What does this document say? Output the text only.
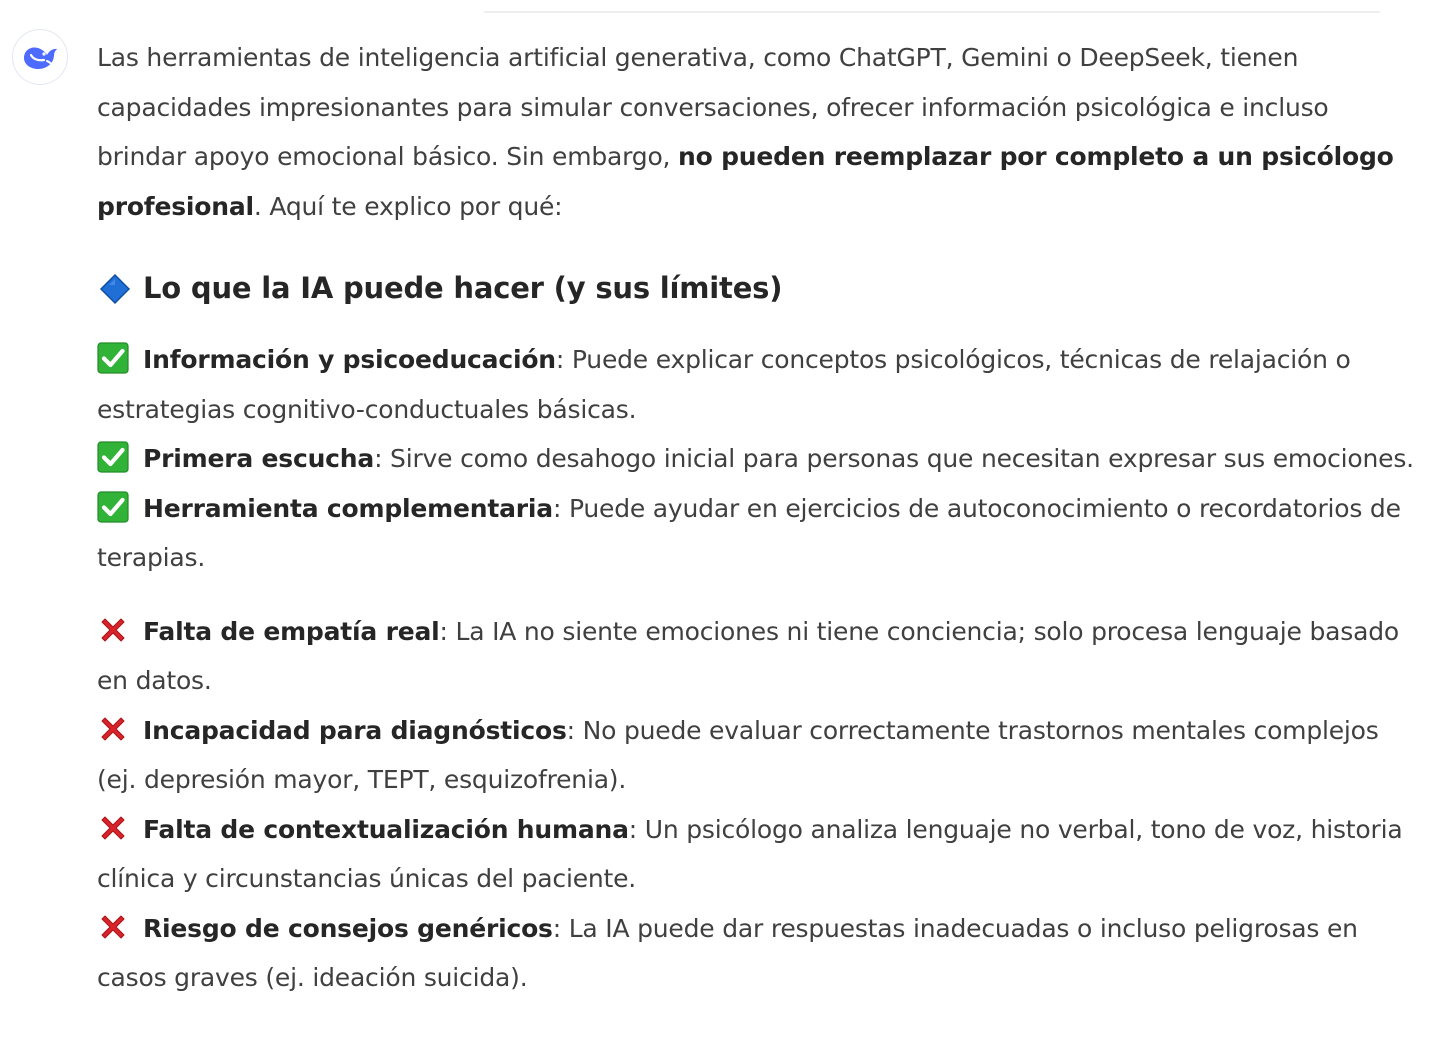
Las herramientas de inteligencia artificial generativa, como ChatGPT, Gemini o DeepSeek, tienen capacidades impresionantes para simular conversaciones, ofrecer información psicológica e incluso brindar apoyo emocional básico. Sin embargo, no pueden reemplazar por completo a un psicólogo profesional. Aquí te explico por qué:

Lo que la IA puede hacer (y sus límites)

Información y psicoeducación: Puede explicar conceptos psicológicos, técnicas de relajación o estrategias cognitivo-conductuales básicas.

Primera escucha: Sirve como desahogo inicial para personas que necesitan expresar sus emociones.

Herramienta complementaria: Puede ayudar en ejercicios de autoconocimiento o recordatorios de terapias.

Falta de empatía real: La IA no siente emociones ni tiene conciencia; solo procesa lenguaje basado en datos.

Incapacidad para diagnósticos: No puede evaluar correctamente trastornos mentales complejos (ej. depresión mayor, TEPT, esquizofrenia).

Falta de contextualización humana: Un psicólogo analiza lenguaje no verbal, tono de voz, historia clínica y circunstancias únicas del paciente.

Riesgo de consejos genéricos: La IA puede dar respuestas inadecuadas o incluso peligrosas en casos graves (ej. ideación suicida).
